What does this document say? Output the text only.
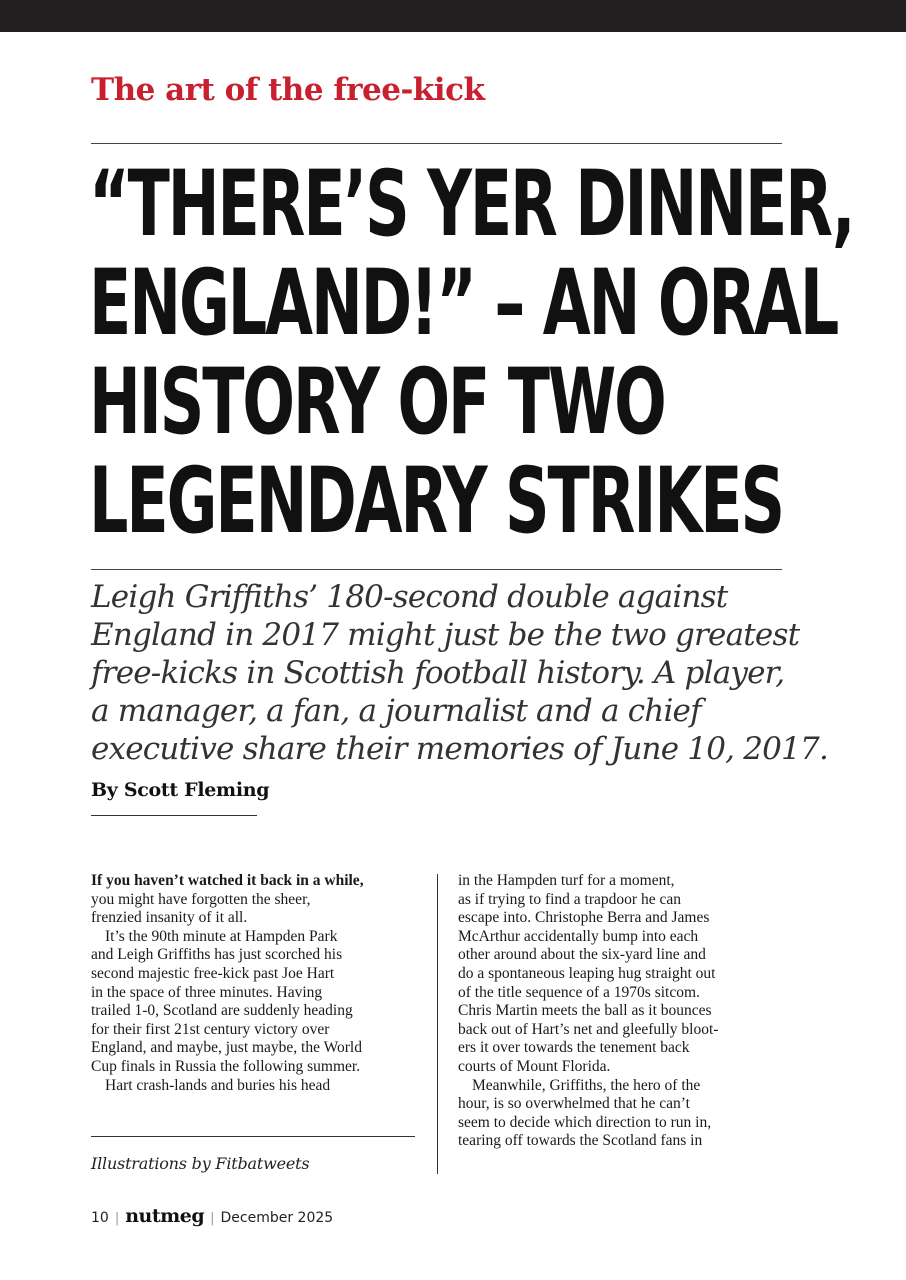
The art of the free-kick
“THERE’S YER DINNER,
ENGLAND!” – AN ORAL
HISTORY OF TWO
LEGENDARY STRIKES
Leigh Griffiths’ 180-second double against
England in 2017 might just be the two greatest
free-kicks in Scottish football history. A player,
a manager, a fan, a journalist and a chief
executive share their memories of June 10, 2017.
By Scott Fleming
If you haven’t watched it back in a while,
you might have forgotten the sheer,
frenzied insanity of it all.
It’s the 90th minute at Hampden Park
and Leigh Griffiths has just scorched his
second majestic free-kick past Joe Hart
in the space of three minutes. Having
trailed 1-0, Scotland are suddenly heading
for their first 21st century victory over
England, and maybe, just maybe, the World
Cup finals in Russia the following summer.
Hart crash-lands and buries his head
in the Hampden turf for a moment,
as if trying to find a trapdoor he can
escape into. Christophe Berra and James
McArthur accidentally bump into each
other around about the six-yard line and
do a spontaneous leaping hug straight out
of the title sequence of a 1970s sitcom.
Chris Martin meets the ball as it bounces
back out of Hart’s net and gleefully bloot-
ers it over towards the tenement back
courts of Mount Florida.
Meanwhile, Griffiths, the hero of the
hour, is so overwhelmed that he can’t
seem to decide which direction to run in,
tearing off towards the Scotland fans in
Illustrations by Fitbatweets
10 | nutmeg | December 2025
